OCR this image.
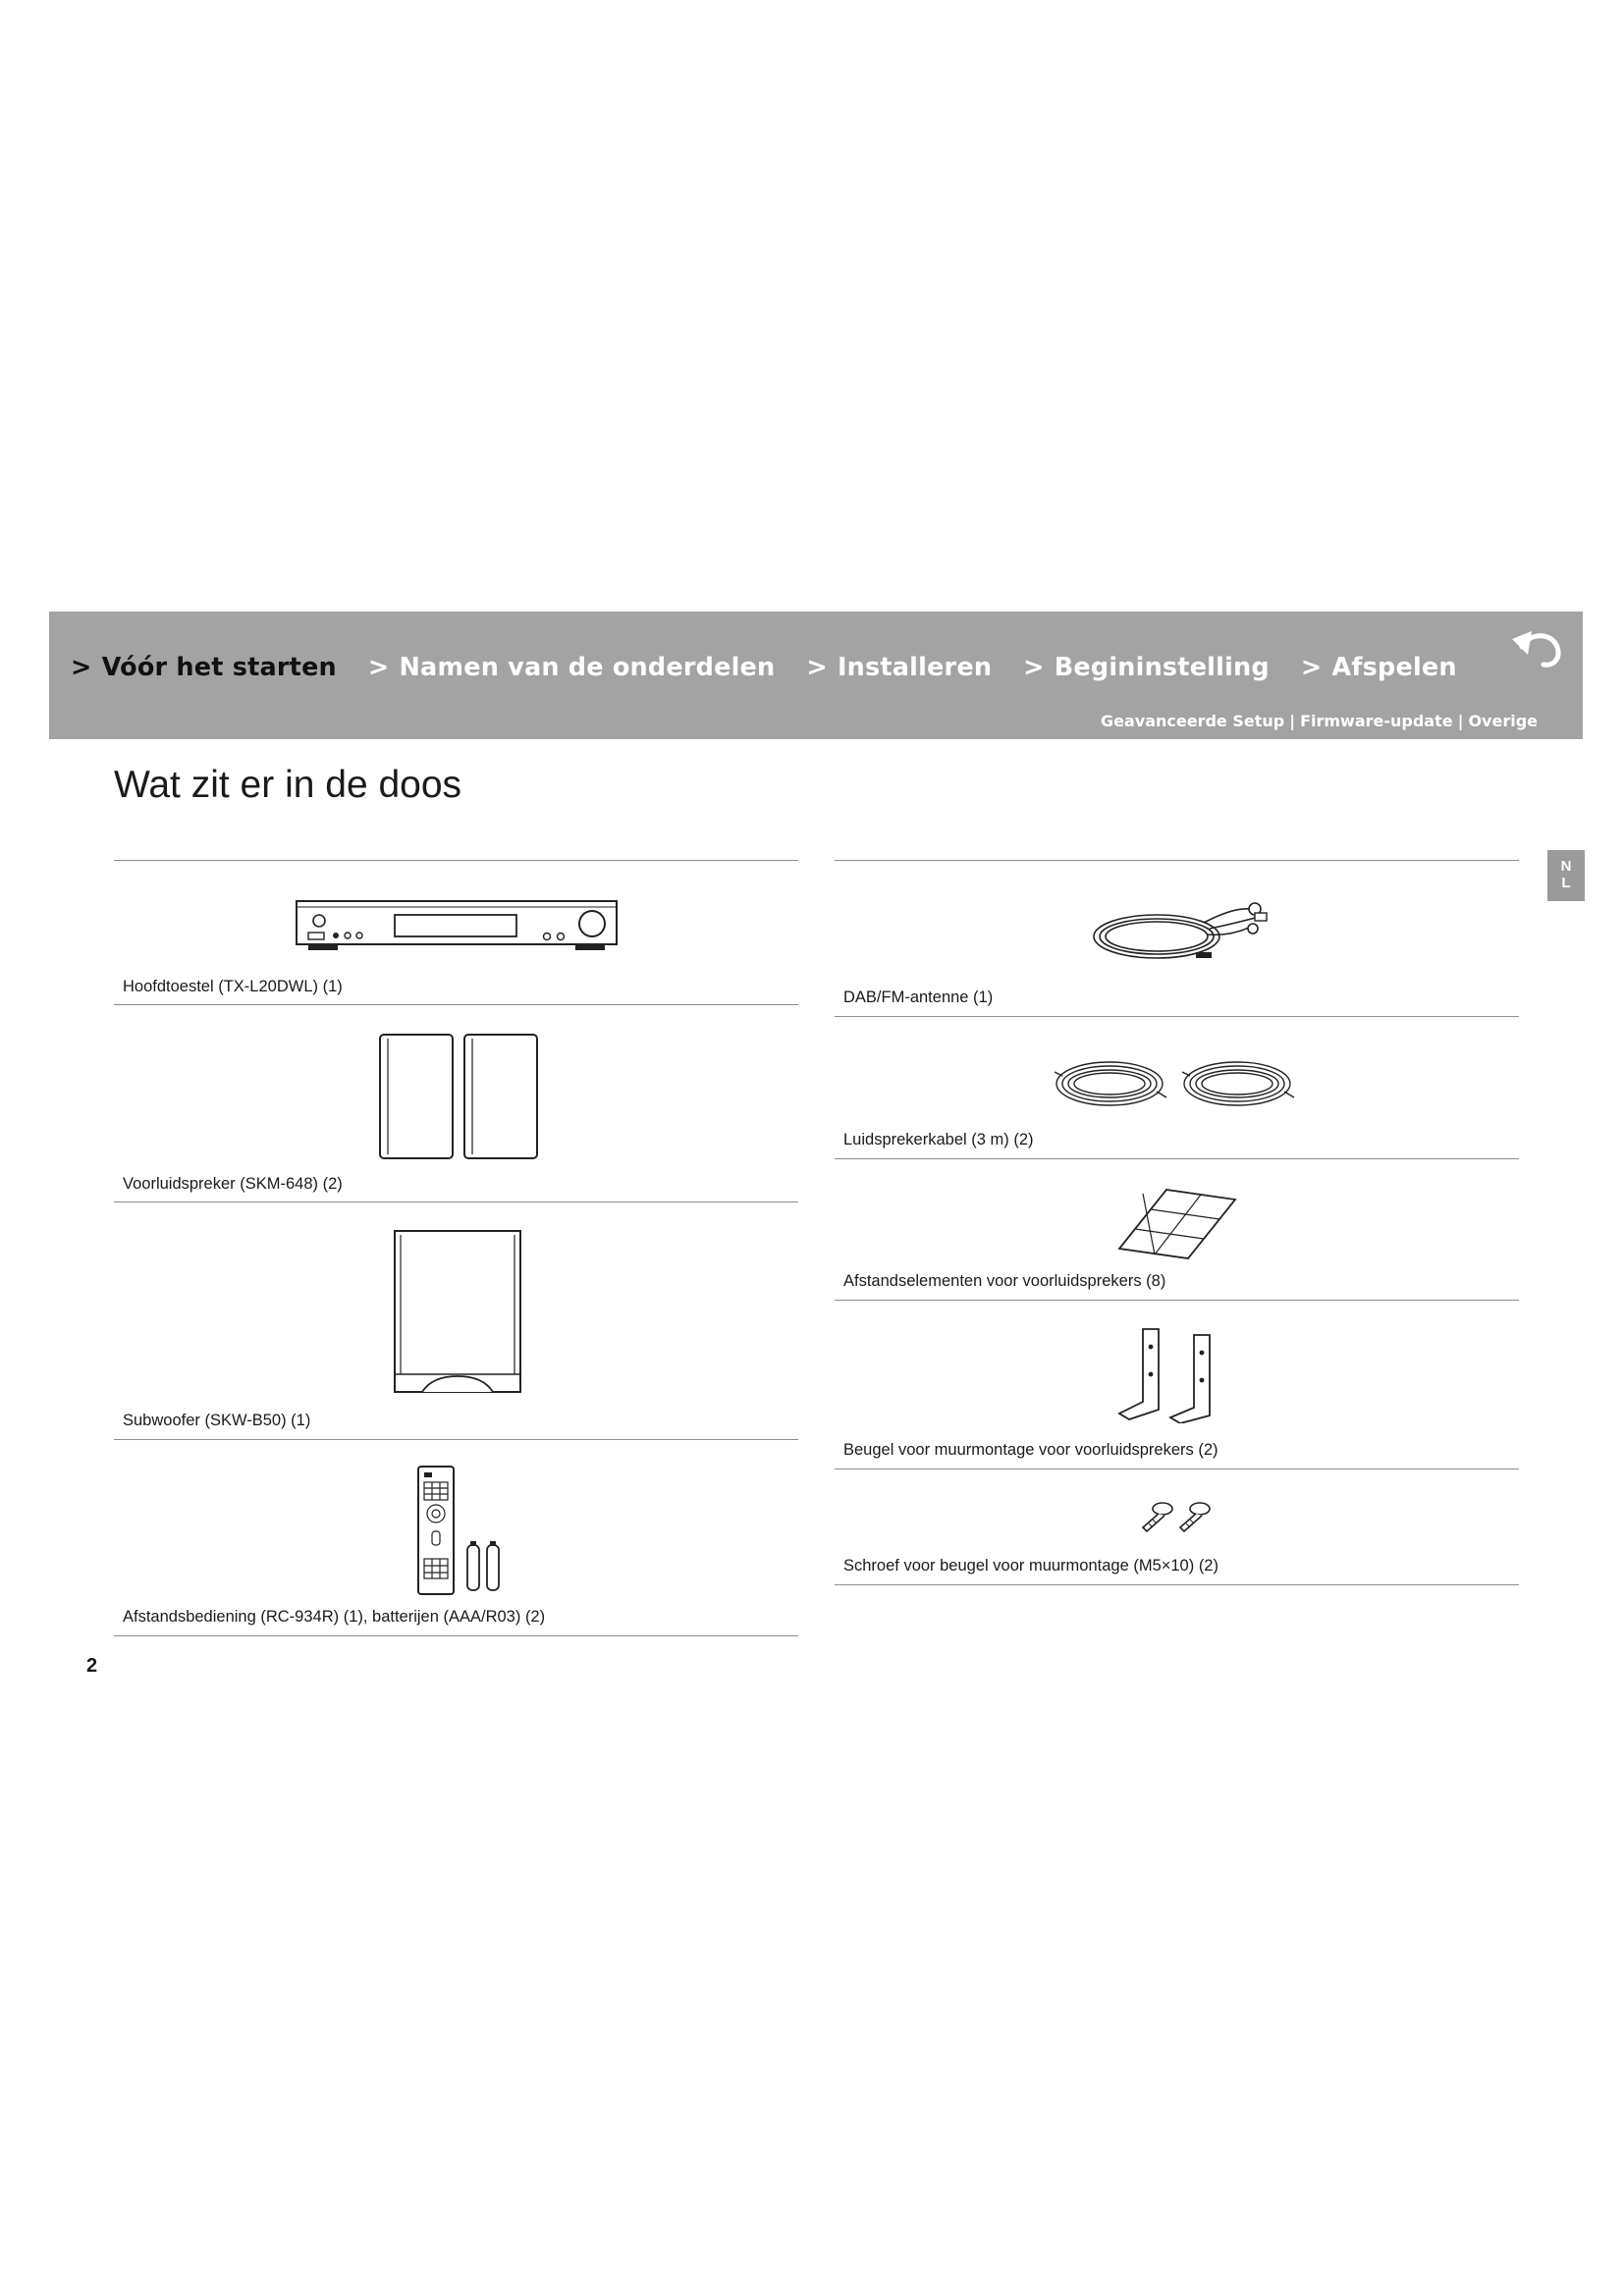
> Vóór het starten > Namen van de onderdelen > Installeren > Begininstelling > Afspelen
Geavanceerde Setup | Firmware-update | Overige
Wat zit er in de doos
N
L
Hoofdtoestel (TX-L20DWL) (1)
Voorluidspreker (SKM-648) (2)
Subwoofer (SKW-B50) (1)
Afstandsbediening (RC-934R) (1), batterijen (AAA/R03) (2)
DAB/FM-antenne (1)
Luidsprekerkabel (3 m) (2)
Afstandselementen voor voorluidsprekers (8)
Beugel voor muurmontage voor voorluidsprekers (2)
Schroef voor beugel voor muurmontage (M5×10) (2)
2
